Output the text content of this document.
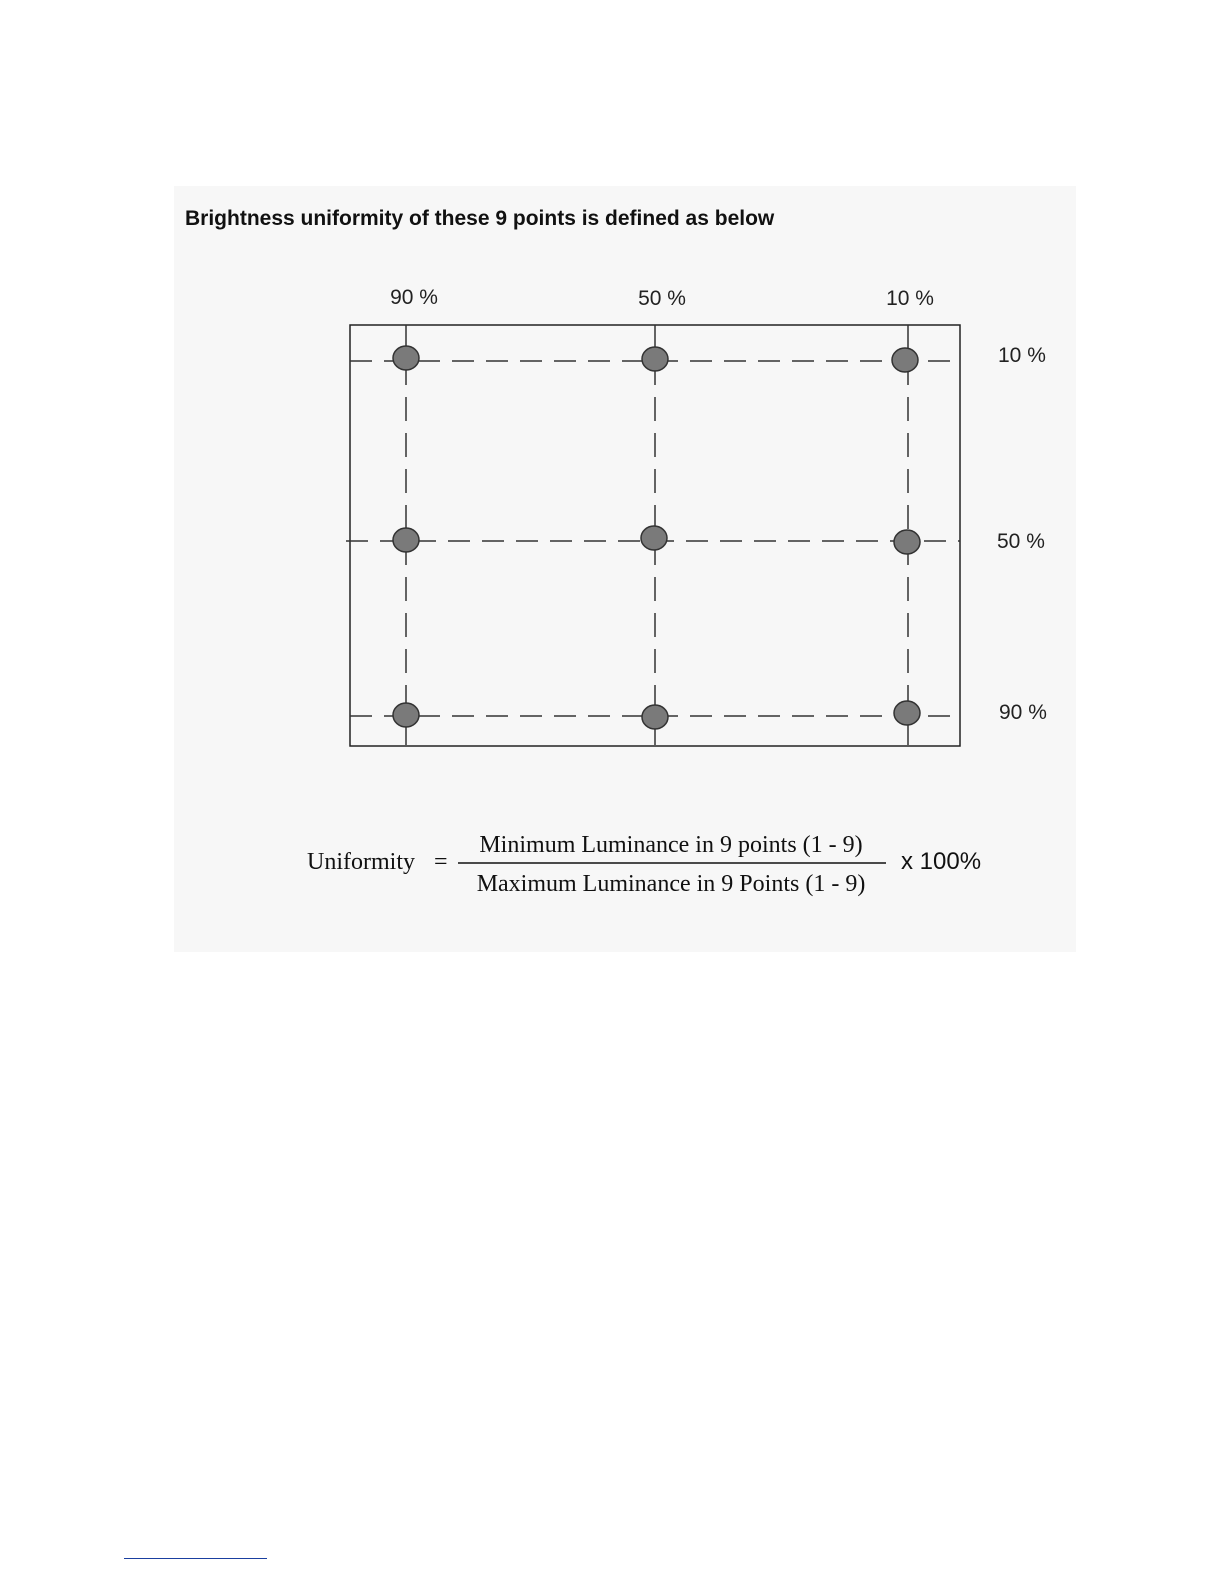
Brightness uniformity of these 9 points is defined as below
90 %	50 %	10 %
10 %
50 %
90 %
Uniformity =
Minimum Luminance in 9 points (1 - 9)
Maximum Luminance in 9 Points (1 - 9)
x 100%
